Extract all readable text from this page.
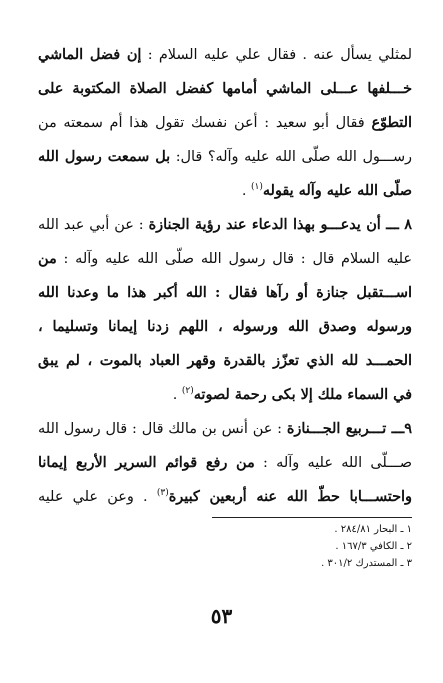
لمثلي يسأل عنه . فقال علي عليه السلام : إن فضل الماشي
خـــلفها عـــلى الماشي أمامها كفضل الصلاة المكتوبة على
التطوّع فقال أبو سعيد : أعن نفسك تقول هذا أم سمعته من
رســـول الله صلّى الله عليه وآله؟ قال: بل سمعت رسول الله
صلّى الله عليه وآله يقوله$^{(١)}$ .
٨ ـــ أن يدعـــو بهذا الدعاء عند رؤية الجنازة : عن أبي عبد الله
عليه السلام قال : قال رسول الله صلّى الله عليه وآله : من
اســـتقبل جنازة أو رآها فقال : الله أكبر هذا ما وعدنا الله
ورسوله وصدق الله ورسوله ، اللهم زدنا إيمانا وتسليما ،
الحمـــد لله الذي تعزّز بالقدرة وقهر العباد بالموت ، لم يبق
في السماء ملك إلا بكى رحمة لصوته$^{(٢)}$ .
٩ـــ تـــربيع الجـــنازة : عن أنس بن مالك قال : قال رسول الله
صـــلّى الله عليه وآله : من رفع قوائم السرير الأربع إيمانا
واحتســـابا حطّ الله عنه أربعين كبيرة$^{(٣)}$ . وعن علي عليه
١ ـ البحار ٢٨٤/٨١ .
٢ ـ الكافي ١٦٧/٣ .
٣ ـ المستدرك ٣٠١/٢ .
٥٣
